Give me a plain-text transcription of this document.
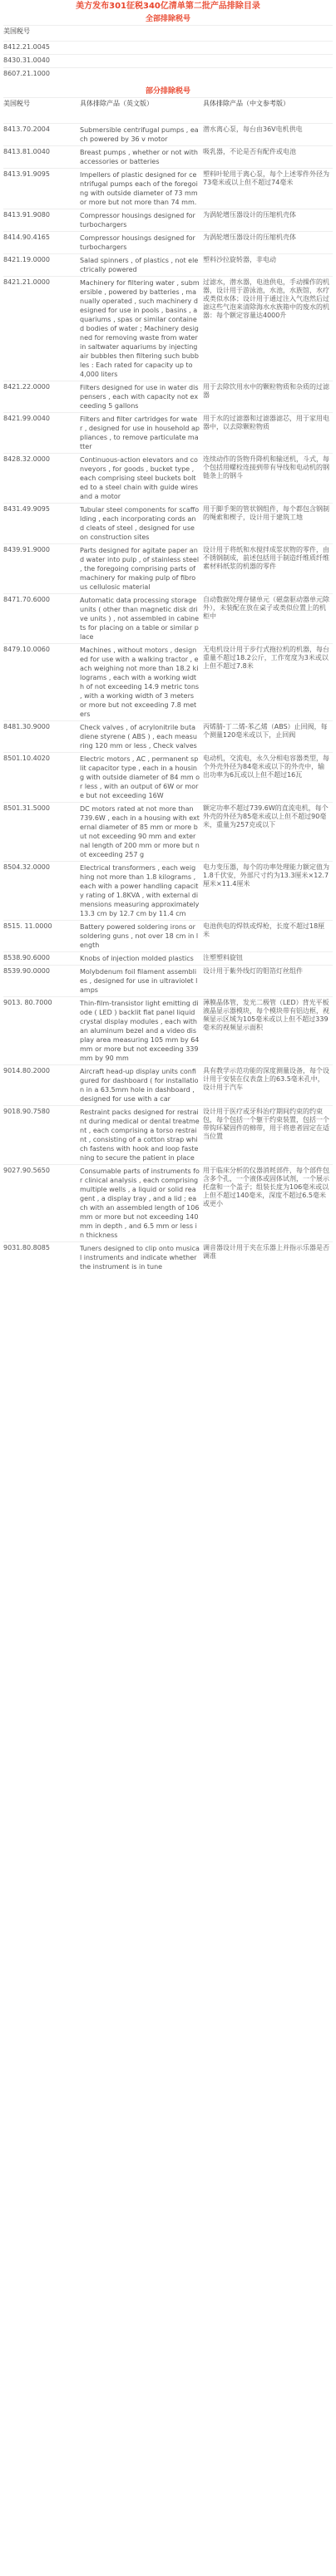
美方发布301征税340亿清单第二批产品排除目录
全部排除税号
美国税号		
8412.21.0045		
8430.31.0040		
8607.21.1000		
部分排除税号
美国税号	具体排除产品（英文版）	具体排除产品（中文参考版）
8413.70.2004	Submersible centrifugal pumps , each powered by 36 v motor	潜水离心泵，每台由36V电机供电
8413.81.0040	Breast pumps , whether or not with accessories or batteries	吸乳器，不论是否有配件或电池
8413.91.9095	Impellers of plastic designed for centrifugal pumps each of the foregoing with outside diameter of 73 mm or more but not more than 74 mm.	塑料叶轮用于离心泵，每个上述零件外径为73毫米或以上但不超过74毫米
8413.91.9080	Compressor housings designed for turbochargers	为涡轮增压器设计的压缩机壳体
8414.90.4165	Compressor housings designed for turbochargers	为涡轮增压器设计的压缩机壳体
8421.19.0000	Salad spinners , of plastics , not electrically powered	塑料沙拉旋转器，非电动
8421.21.0000	Machinery for filtering water , submersible , powered by batteries , manually operated , such machinery designed for use in pools , basins , aquariums , spas or similar contained bodies of water ; Machinery designed for removing waste from water in saltwater aquariums by injecting air bubbles then filtering such bubbles : Each rated for capacity up to 4,000 liters	过滤水，潜水器，电池供电，手动操作的机器，设计用于游泳池，水池，水族馆，水疗或类似水体；设计用于通过注入气泡然后过滤这些气泡来清除海水水族箱中的废水的机器：每个额定容量达4000升
8421.22.0000	Filters designed for use in water dispensers , each with capacity not exceeding 5 gallons	用于去除饮用水中的颗粒物质和杂质的过滤器
8421.99.0040	Filters and filter cartridges for water , designed for use in household appliances , to remove particulate matter	用于水的过滤器和过滤器滤芯，用于家用电器中，以去除颗粒物质
8428.32.0000	Continuous-action elevators and conveyors , for goods , bucket type , each comprising steel buckets bolted to a steel chain with guide wires and a motor	连续动作的货物升降机和输送机，斗式，每个包括用螺栓连接到带有导线和电动机的钢链条上的钢斗
8431.49.9095	Tubular steel components for scaffolding , each incorporating cords and cleats of steel , designed for use on construction sites	用于脚手架的管状钢组件，每个都包含钢制的绳索和楔子，设计用于建筑工地
8439.91.9000	Parts designed for agitate paper and water into pulp , of stainless steel , the foregoing comprising parts of machinery for making pulp of fibrous cellulosic material	设计用于将纸和水搅拌成浆状物的零件，由不锈钢制成，前述包括用于制造纤维质纤维素材料纸浆的机器的零件
8471.70.6000	Automatic data processing storage units ( other than magnetic disk drive units ) , not assembled in cabinets for placing on a table or similar place	自动数据处理存储单元（磁盘驱动器单元除外），未装配在放在桌子或类似位置上的机柜中
8479.10.0060	Machines , without motors , designed for use with a walking tractor , each weighing not more than 18.2 kilograms , each with a working width of not exceeding 14.9 metric tons , with a working width of 3 meters or more but not exceeding 7.8 meters	无电机设计用于步行式拖拉机的机器，每台重量不超过18.2公斤，工作宽度为3米或以上但不超过7.8米
8481.30.9000	Check valves , of acrylonitrile butadiene styrene ( ABS ) , each measuring 120 mm or less , Check valves	丙烯腈-丁二烯-苯乙烯（ABS）止回阀，每个测量120毫米或以下，止回阀
8501.10.4020	Electric motors , AC , permanent split capacitor type , each in a housing with outside diameter of 84 mm or less , with an output of 6W or more but not exceeding 16W	电动机，交流电，永久分相电容器类型，每个外壳外径为84毫米或以下的外壳中，输出功率为6瓦或以上但不超过16瓦
8501.31.5000	DC motors rated at not more than 739.6W , each in a housing with external diameter of 85 mm or more but not exceeding 90 mm and external length of 200 mm or more but not exceeding 257 g	额定功率不超过739.6W的直流电机，每个外壳的外径为85毫米或以上但不超过90毫米，重量为257克或以下
8504.32.0000	Electrical transformers , each weighing not more than 1.8 kilograms , each with a power handling capacity rating of 1.8KVA , with external dimensions measuring approximately 13.3 cm by 12.7 cm by 11.4 cm	电力变压器，每个的功率处理能力额定值为1.8千伏安，外部尺寸约为13.3厘米×12.7厘米×11.4厘米
8515. 11.0000	Battery powered soldering irons or soldering guns , not over 18 cm in length	电池供电的焊铁或焊枪，长度不超过18厘米
8538.90.6000	Knobs of injection molded plastics	注塑塑料旋钮
8539.90.0000	Molybdenum foil filament assemblies , designed for use in ultraviolet lamps	设计用于紫外线灯的钼箔灯丝组件
9013. 80.7000	Thin-film-transistor light emitting diode ( LED ) backlit flat panel liquid crystal display modules , each with an aluminum bezel and a video display area measuring 105 mm by 64 mm or more but not exceeding 339 mm by 90 mm	薄膜晶体管，发光二极管（LED）背光平板液晶显示器模块，每个模块带有铝边框，视频显示区域为105毫米或以上但不超过339毫米的视频显示面积
9014.80.2000	Aircraft head-up display units configured for dashboard ( for installation in a 63.5mm hole in dashboard , designed for use with a car	具有教学示范功能的深度测量设备，每个设计用于安装在仪表盘上的63.5毫米孔中，设计用于汽车
9018.90.7580	Restraint packs designed for restraint during medical or dental treatment , each comprising a torso restraint , consisting of a cotton strap which fastens with hook and loop fastening to secure the patient in place	设计用于医疗或牙科治疗期间约束的约束包，每个包括一个躯干约束装置，包括一个带钩环紧固件的棉带，用于将患者固定在适当位置
9027.90.5650	Consumable parts of instruments for clinical analysis , each comprising multiple wells , a liquid or solid reagent , a display tray , and a lid ; each with an assembled length of 106mm or more but not exceeding 140 mm in depth , and 6.5 mm or less in thickness	用于临床分析的仪器消耗部件，每个部件包含多个孔，一个液体或固体试剂，一个展示托盘和一个盖子；组装长度为106毫米或以上但不超过140毫米，深度不超过6.5毫米或更小
9031.80.8085	Tuners designed to clip onto musical instruments and indicate whether the instrument is in tune	调音器设计用于夹在乐器上并指示乐器是否调准
